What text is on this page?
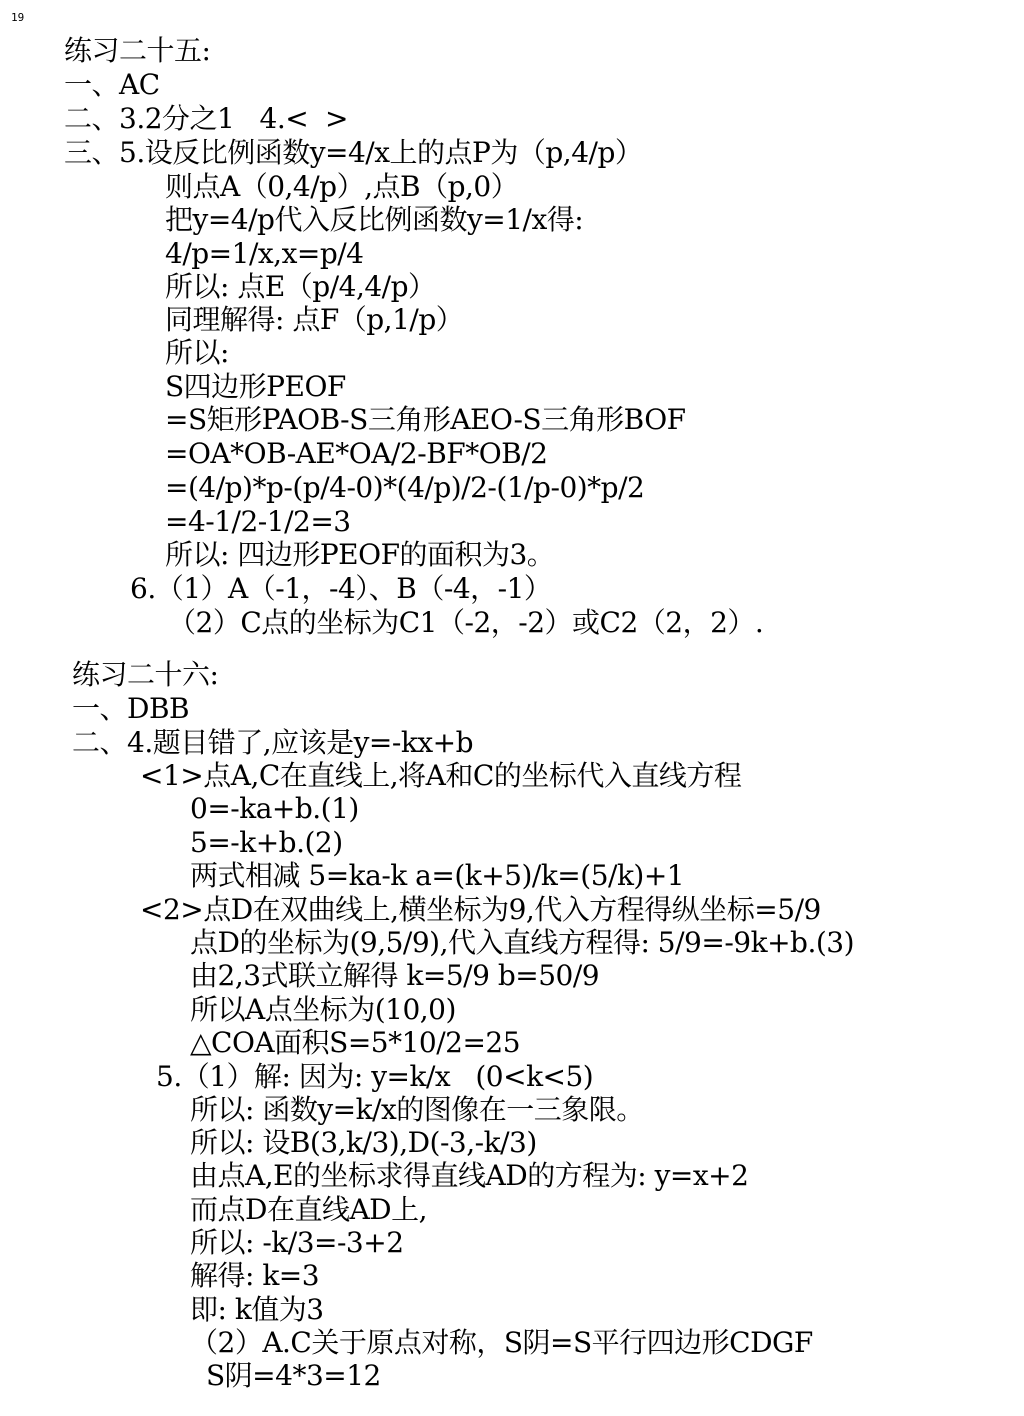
19
练习二十五:
一、AC
二、3.2分之1   4.<  >
三、5.设反比例函数y=4/x上的点P为（p,4/p）
则点A（0,4/p）,点B（p,0）
把y=4/p代入反比例函数y=1/x得:
4/p=1/x,x=p/4
所以: 点E（p/4,4/p）
同理解得: 点F（p,1/p）
所以:
S四边形PEOF
=S矩形PAOB-S三角形AEO-S三角形BOF
=OA*OB-AE*OA/2-BF*OB/2
=(4/p)*p-(p/4-0)*(4/p)/2-(1/p-0)*p/2
=4-1/2-1/2=3
所以: 四边形PEOF的面积为3。
6.（1）A（-1，-4）、B（-4，-1）
（2）C点的坐标为C1（-2，-2）或C2（2，2）.
练习二十六:
一、DBB
二、4.题目错了,应该是y=-kx+b
<1>点A,C在直线上,将A和C的坐标代入直线方程
0=-ka+b.(1)
5=-k+b.(2)
两式相减 5=ka-k a=(k+5)/k=(5/k)+1
<2>点D在双曲线上,横坐标为9,代入方程得纵坐标=5/9
点D的坐标为(9,5/9),代入直线方程得: 5/9=-9k+b.(3)
由2,3式联立解得 k=5/9 b=50/9
所以A点坐标为(10,0)
△COA面积S=5*10/2=25
5.（1）解: 因为: y=k/x   (0<k<5)
所以: 函数y=k/x的图像在一三象限。
所以: 设B(3,k/3),D(-3,-k/3)
由点A,E的坐标求得直线AD的方程为: y=x+2
而点D在直线AD上,
所以: -k/3=-3+2
解得: k=3
即: k值为3
（2）A.C关于原点对称，S阴=S平行四边形CDGF
S阴=4*3=12
